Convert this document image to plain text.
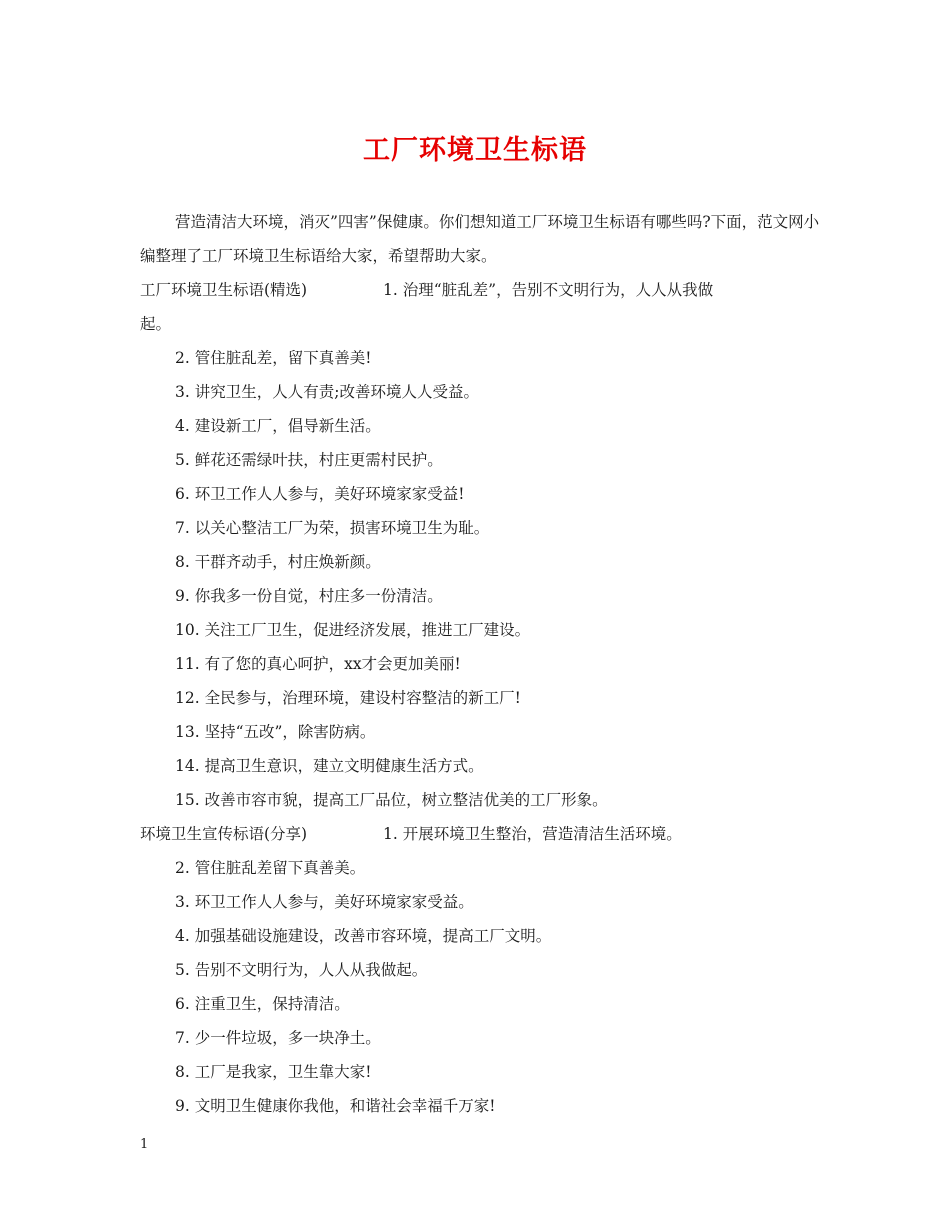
工厂环境卫生标语
营造清洁大环境，消灭”四害”保健康。你们想知道工厂环境卫生标语有哪些吗?下面，范文网小编整理了工厂环境卫生标语给大家，希望帮助大家。
工厂环境卫生标语(精选)	1. 治理“脏乱差”，告别不文明行为，人人从我做
起。
2. 管住脏乱差，留下真善美!
3. 讲究卫生，人人有责;改善环境人人受益。
4. 建设新工厂，倡导新生活。
5. 鲜花还需绿叶扶，村庄更需村民护。
6. 环卫工作人人参与，美好环境家家受益!
7. 以关心整洁工厂为荣，损害环境卫生为耻。
8. 干群齐动手，村庄焕新颜。
9. 你我多一份自觉，村庄多一份清洁。
10. 关注工厂卫生，促进经济发展，推进工厂建设。
11. 有了您的真心呵护，xx才会更加美丽!
12. 全民参与，治理环境，建设村容整洁的新工厂!
13. 坚持“五改”，除害防病。
14. 提高卫生意识，建立文明健康生活方式。
15. 改善市容市貌，提高工厂品位，树立整洁优美的工厂形象。
环境卫生宣传标语(分享)	1. 开展环境卫生整治，营造清洁生活环境。
2. 管住脏乱差留下真善美。
3. 环卫工作人人参与，美好环境家家受益。
4. 加强基础设施建设，改善市容环境，提高工厂文明。
5. 告别不文明行为，人人从我做起。
6. 注重卫生，保持清洁。
7. 少一件垃圾，多一块净土。
8. 工厂是我家，卫生靠大家!
9. 文明卫生健康你我他，和谐社会幸福千万家!
1
